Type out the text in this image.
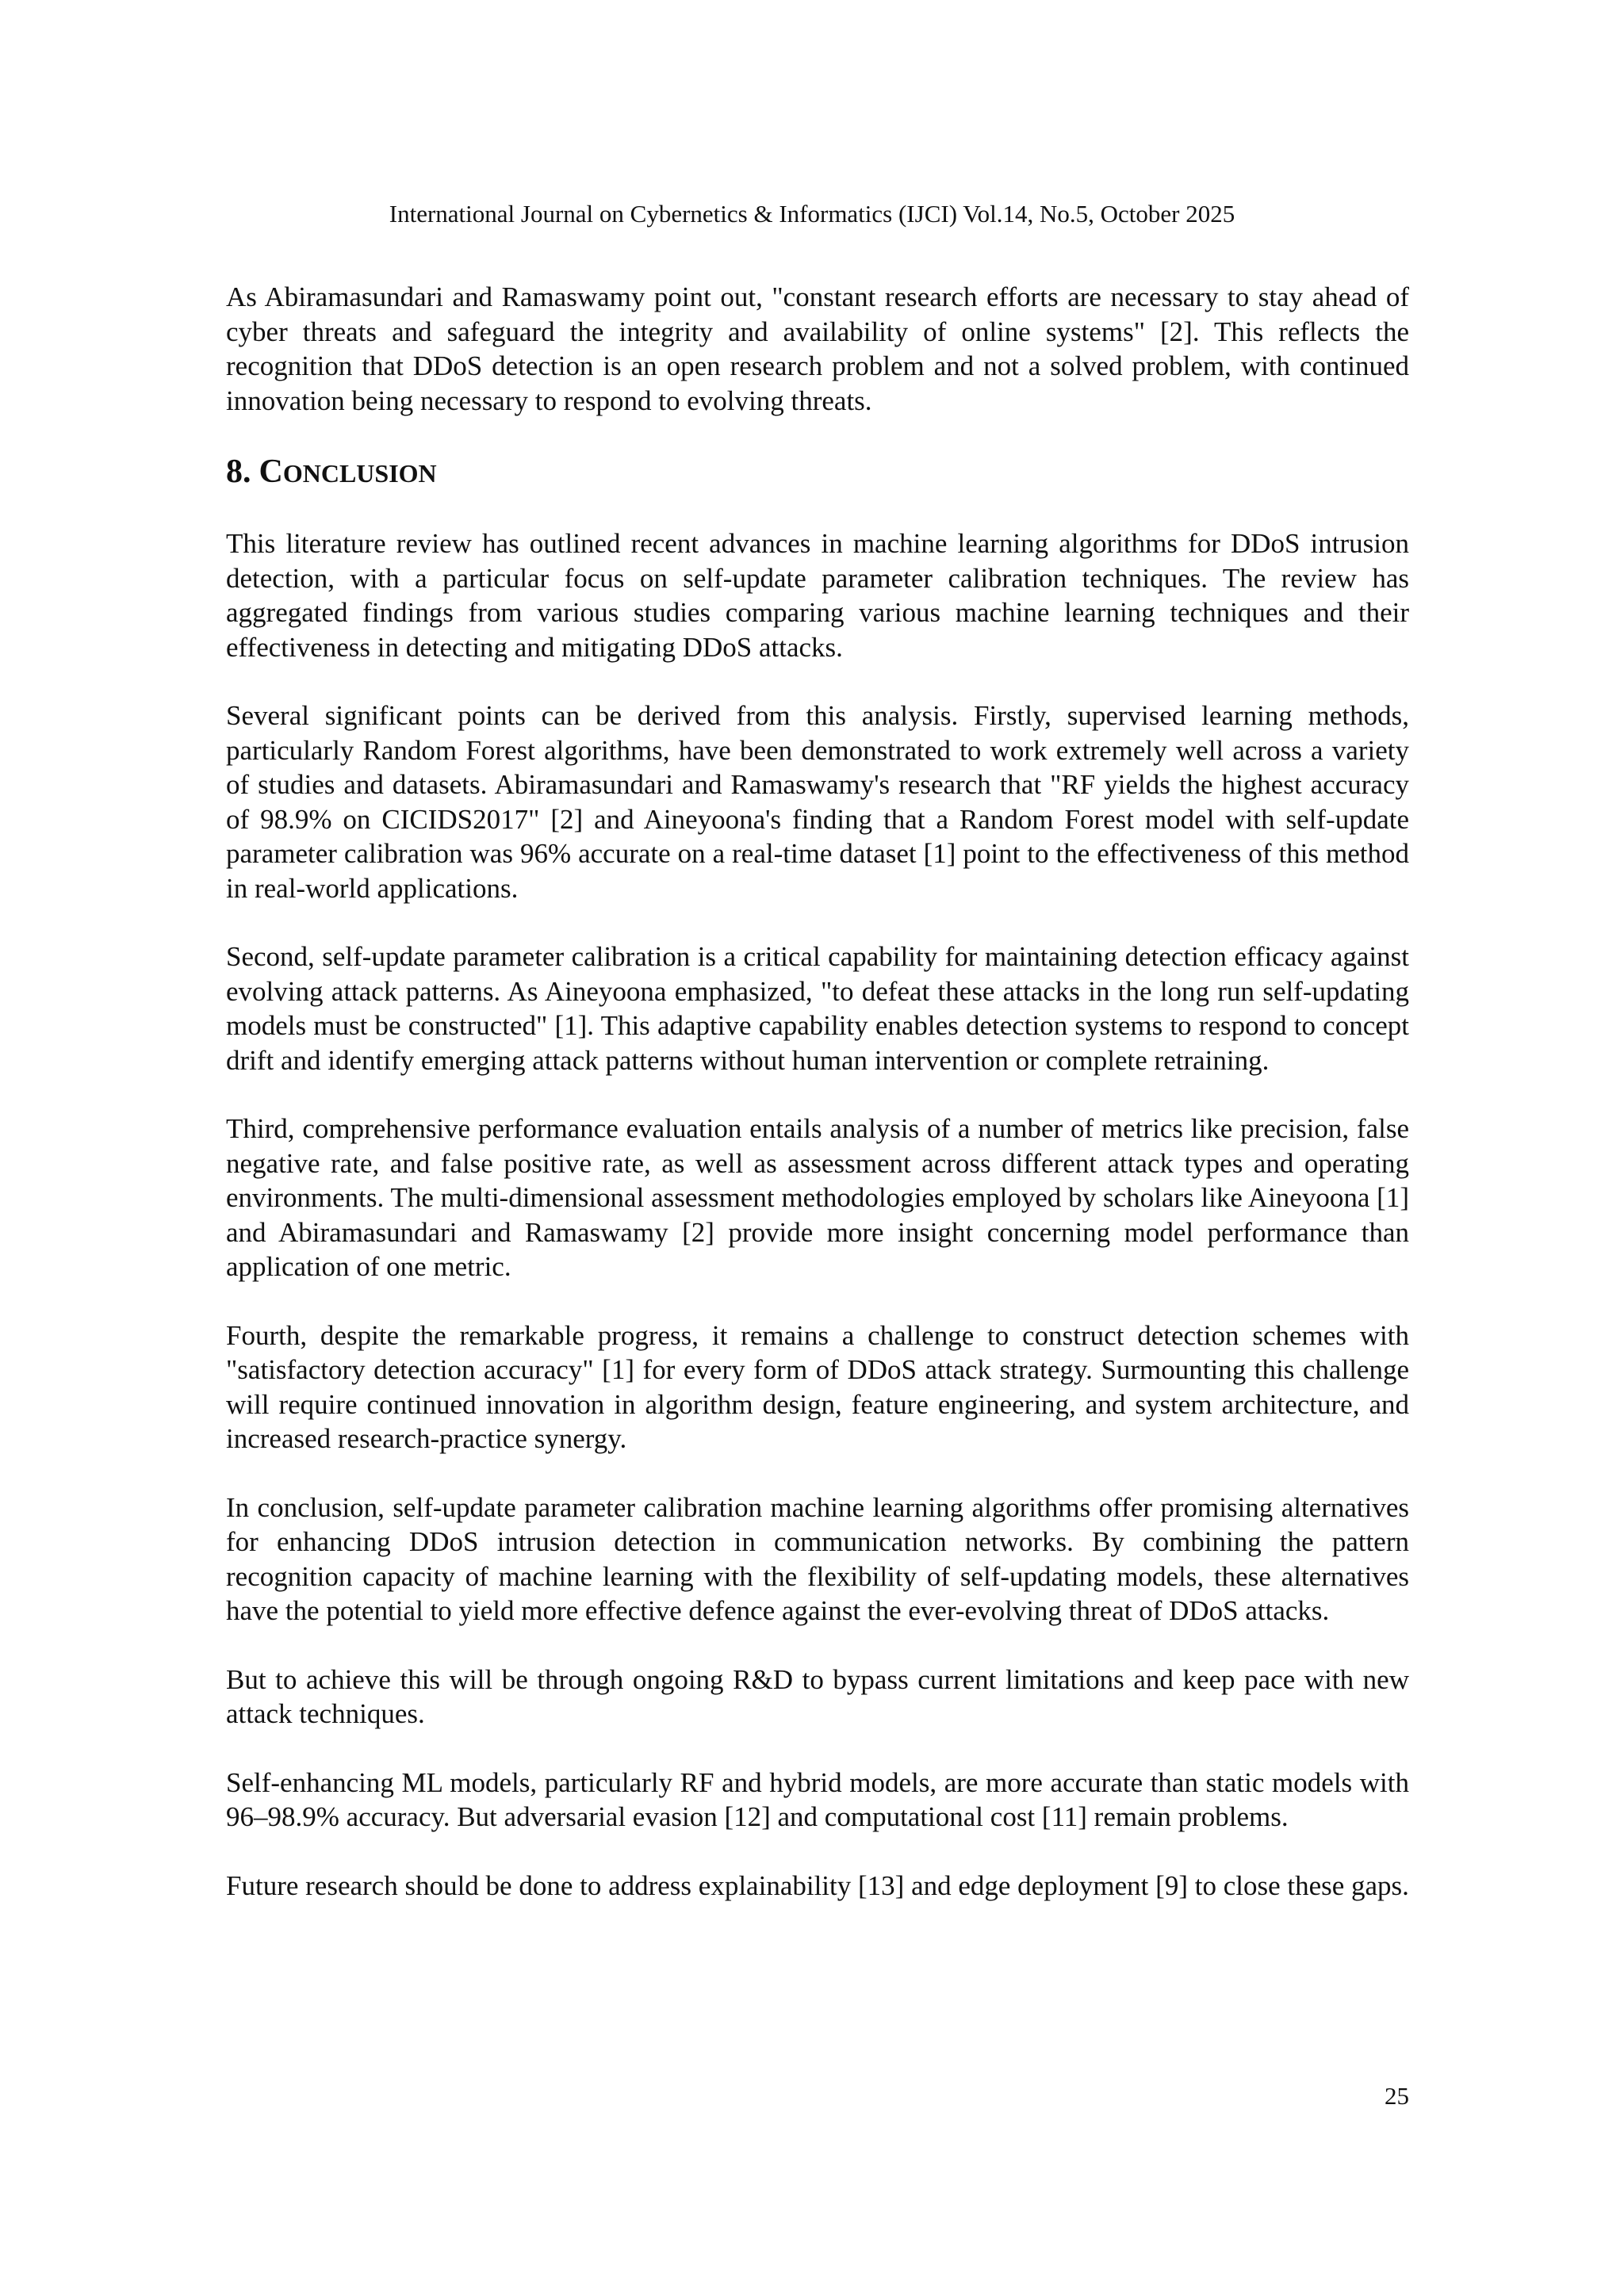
International Journal on Cybernetics & Informatics (IJCI) Vol.14, No.5, October 2025

As Abiramasundari and Ramaswamy point out, "constant research efforts are necessary to stay ahead of cyber threats and safeguard the integrity and availability of online systems" [2]. This reflects the recognition that DDoS detection is an open research problem and not a solved problem, with continued innovation being necessary to respond to evolving threats.

8. CONCLUSION

This literature review has outlined recent advances in machine learning algorithms for DDoS intrusion detection, with a particular focus on self-update parameter calibration techniques. The review has aggregated findings from various studies comparing various machine learning techniques and their effectiveness in detecting and mitigating DDoS attacks.

Several significant points can be derived from this analysis. Firstly, supervised learning methods, particularly Random Forest algorithms, have been demonstrated to work extremely well across a variety of studies and datasets. Abiramasundari and Ramaswamy's research that "RF yields the highest accuracy of 98.9% on CICIDS2017" [2] and Aineyoona's finding that a Random Forest model with self-update parameter calibration was 96% accurate on a real-time dataset [1] point to the effectiveness of this method in real-world applications.

Second, self-update parameter calibration is a critical capability for maintaining detection efficacy against evolving attack patterns. As Aineyoona emphasized, "to defeat these attacks in the long run self-updating models must be constructed" [1]. This adaptive capability enables detection systems to respond to concept drift and identify emerging attack patterns without human intervention or complete retraining.

Third, comprehensive performance evaluation entails analysis of a number of metrics like precision, false negative rate, and false positive rate, as well as assessment across different attack types and operating environments. The multi-dimensional assessment methodologies employed by scholars like Aineyoona [1] and Abiramasundari and Ramaswamy [2] provide more insight concerning model performance than application of one metric.

Fourth, despite the remarkable progress, it remains a challenge to construct detection schemes with "satisfactory detection accuracy" [1] for every form of DDoS attack strategy. Surmounting this challenge will require continued innovation in algorithm design, feature engineering, and system architecture, and increased research-practice synergy.

In conclusion, self-update parameter calibration machine learning algorithms offer promising alternatives for enhancing DDoS intrusion detection in communication networks. By combining the pattern recognition capacity of machine learning with the flexibility of self-updating models, these alternatives have the potential to yield more effective defence against the ever-evolving threat of DDoS attacks.

But to achieve this will be through ongoing R&D to bypass current limitations and keep pace with new attack techniques.

Self-enhancing ML models, particularly RF and hybrid models, are more accurate than static models with 96–98.9% accuracy. But adversarial evasion [12] and computational cost [11] remain problems.

Future research should be done to address explainability [13] and edge deployment [9] to close these gaps.

25
